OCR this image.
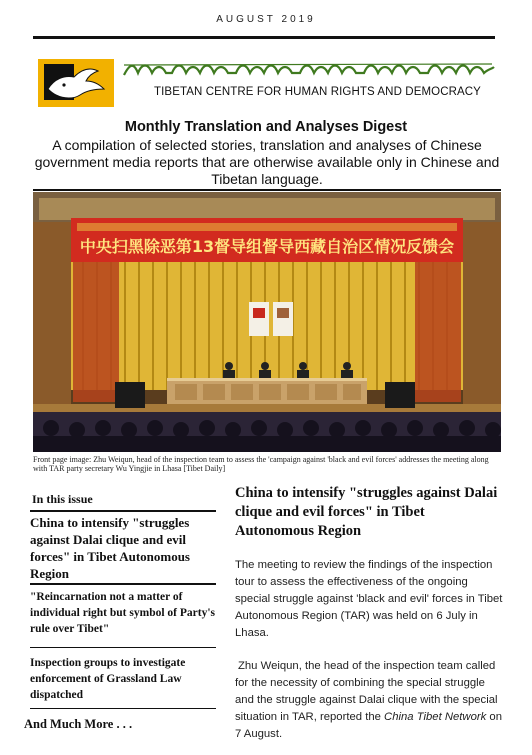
AUGUST 2019
TIBETAN CENTRE FOR HUMAN RIGHTS AND DEMOCRACY
Monthly Translation and Analyses Digest
A compilation of selected stories, translation and analyses of Chinese government media reports that are otherwise available only in Chinese and Tibetan language.
中央扫黑除恶第13督导组督导西藏自治区情况反馈会
Front page image: Zhu Weiqun, head of the inspection team to assess the 'campaign against 'black and evil forces' addresses the meeting along with TAR party secretary Wu Yingjie in Lhasa [Tibet Daily]
In this issue
China to intensify "struggles against Dalai clique and evil forces" in Tibet Autonomous Region
"Reincarnation not a matter of individual right but symbol of Party's rule over Tibet"
Inspection groups to investigate enforcement of Grassland Law dispatched
And Much More . . .
China to intensify "struggles against Dalai clique and evil forces" in Tibet Autonomous Region

The meeting to review the findings of the inspection tour to assess the effectiveness of the ongoing special struggle against 'black and evil' forces in Tibet Autonomous Region (TAR) was held on 6 July in Lhasa.

Zhu Weiqun, the head of the inspection team called for the necessity of combining the special struggle and the struggle against Dalai clique with the special situation in TAR, reported the China Tibet Network on 7 August.
